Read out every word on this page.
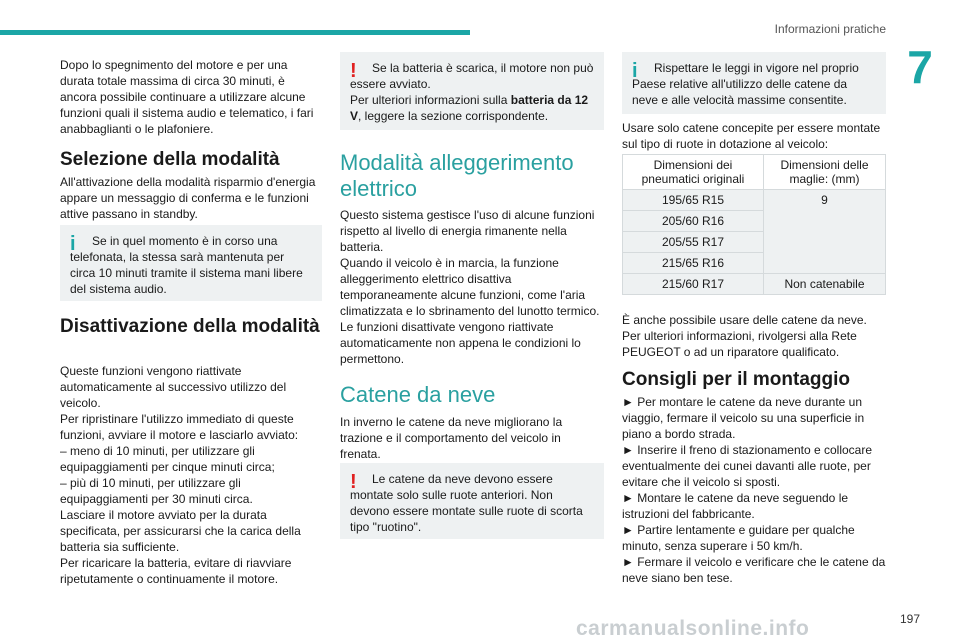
Informazioni pratiche
7

Dopo lo spegnimento del motore e per una durata totale massima di circa 30 minuti, è ancora possibile continuare a utilizzare alcune funzioni quali il sistema audio e telematico, i fari anabbaglianti o le plafoniere.

Selezione della modalità

All'attivazione della modalità risparmio d'energia appare un messaggio di conferma e le funzioni attive passano in standby.

i	Se in quel momento è in corso una telefonata, la stessa sarà mantenuta per circa 10 minuti tramite il sistema mani libere del sistema audio.

Disattivazione della modalità

Queste funzioni vengono riattivate automaticamente al successivo utilizzo del veicolo.

Per ripristinare l'utilizzo immediato di queste funzioni, avviare il motore e lasciarlo avviato:

– meno di 10 minuti, per utilizzare gli equipaggiamenti per cinque minuti circa;

– più di 10 minuti, per utilizzare gli equipaggiamenti per 30 minuti circa.

Lasciare il motore avviato per la durata specificata, per assicurarsi che la carica della batteria sia sufficiente.

Per ricaricare la batteria, evitare di riavviare ripetutamente o continuamente il motore.

!	Se la batteria è scarica, il motore non può essere avviato.

Per ulteriori informazioni sulla batteria da 12 V, leggere la sezione corrispondente.

Modalità alleggerimento elettrico

Questo sistema gestisce l'uso di alcune funzioni rispetto al livello di energia rimanente nella batteria.

Quando il veicolo è in marcia, la funzione alleggerimento elettrico disattiva temporaneamente alcune funzioni, come l'aria climatizzata e lo sbrinamento del lunotto termico.

Le funzioni disattivate vengono riattivate automaticamente non appena le condizioni lo permettono.

Catene da neve

In inverno le catene da neve migliorano la trazione e il comportamento del veicolo in frenata.

!	Le catene da neve devono essere montate solo sulle ruote anteriori. Non devono essere montate sulle ruote di scorta tipo "ruotino".

i	Rispettare le leggi in vigore nel proprio Paese relative all'utilizzo delle catene da neve e alle velocità massime consentite.

Usare solo catene concepite per essere montate sul tipo di ruote in dotazione al veicolo:

Dimensioni dei pneumatici originali	Dimensioni delle maglie: (mm)
195/65 R15	9
205/60 R16	
205/55 R17	
215/65 R16	
215/60 R17	Non catenabile

È anche possibile usare delle catene da neve.

Per ulteriori informazioni, rivolgersi alla Rete PEUGEOT o ad un riparatore qualificato.

Consigli per il montaggio

► Per montare le catene da neve durante un viaggio, fermare il veicolo su una superficie in piano a bordo strada.

► Inserire il freno di stazionamento e collocare eventualmente dei cunei davanti alle ruote, per evitare che il veicolo si sposti.

► Montare le catene da neve seguendo le istruzioni del fabbricante.

► Partire lentamente e guidare per qualche minuto, senza superare i 50 km/h.

► Fermare il veicolo e verificare che le catene da neve siano ben tese.

197
carmanualsonline.info
